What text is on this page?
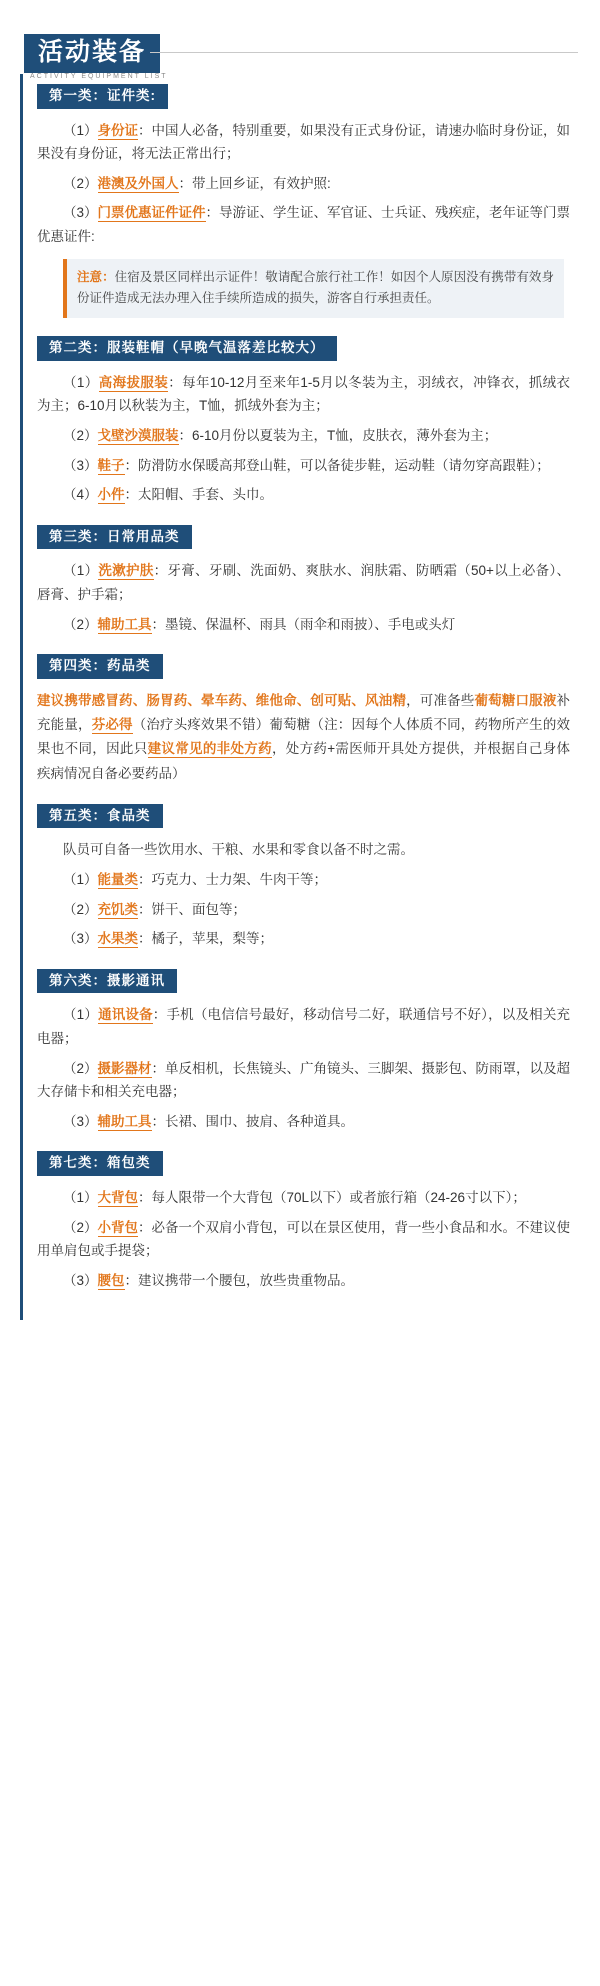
活动装备
ACTIVITY EQUIPMENT LIST
第一类：证件类:

（1）身份证：中国人必备，特别重要，如果没有正式身份证，请速办临时身份证，如果没有身份证，将无法正常出行；

（2）港澳及外国人：带上回乡证，有效护照:

（3）门票优惠证件证件：导游证、学生证、军官证、士兵证、残疾症，老年证等门票优惠证件:

注意：住宿及景区同样出示证件！敬请配合旅行社工作！如因个人原因没有携带有效身份证件造成无法办理入住手续所造成的损失，游客自行承担责任。
第二类：服装鞋帽（早晚气温落差比较大）

（1）高海拔服装：每年10-12月至来年1-5月以冬装为主，羽绒衣，冲锋衣，抓绒衣为主；6-10月以秋装为主，T恤，抓绒外套为主；

（2）戈壁沙漠服装：6-10月份以夏装为主，T恤，皮肤衣，薄外套为主；

（3）鞋子：防滑防水保暖高邦登山鞋，可以备徒步鞋，运动鞋（请勿穿高跟鞋）；

（4）小件：太阳帽、手套、头巾。

第三类：日常用品类

（1）洗漱护肤：牙膏、牙刷、洗面奶、爽肤水、润肤霜、防晒霜（50+以上必备）、唇膏、护手霜；

（2）辅助工具：墨镜、保温杯、雨具（雨伞和雨披）、手电或头灯

第四类：药品类

建议携带感冒药、肠胃药、晕车药、维他命、创可贴、风油精，可准备些葡萄糖口服液补充能量，芬必得（治疗头疼效果不错）葡萄糖（注：因每个人体质不同，药物所产生的效果也不同，因此只建议常见的非处方药，处方药+需医师开具处方提供，并根据自己身体疾病情况自备必要药品）

第五类：食品类

队员可自备一些饮用水、干粮、水果和零食以备不时之需。

（1）能量类：巧克力、士力架、牛肉干等；

（2）充饥类：饼干、面包等；

（3）水果类：橘子，苹果，梨等；

第六类：摄影通讯

（1）通讯设备：手机（电信信号最好，移动信号二好，联通信号不好），以及相关充电器；

（2）摄影器材：单反相机，长焦镜头、广角镜头、三脚架、摄影包、防雨罩，以及超大存储卡和相关充电器；

（3）辅助工具：长裙、围巾、披肩、各种道具。

第七类：箱包类

（1）大背包：每人限带一个大背包（70L以下）或者旅行箱（24-26寸以下）；

（2）小背包：必备一个双肩小背包，可以在景区使用，背一些小食品和水。不建议使用单肩包或手提袋；

（3）腰包：建议携带一个腰包，放些贵重物品。
